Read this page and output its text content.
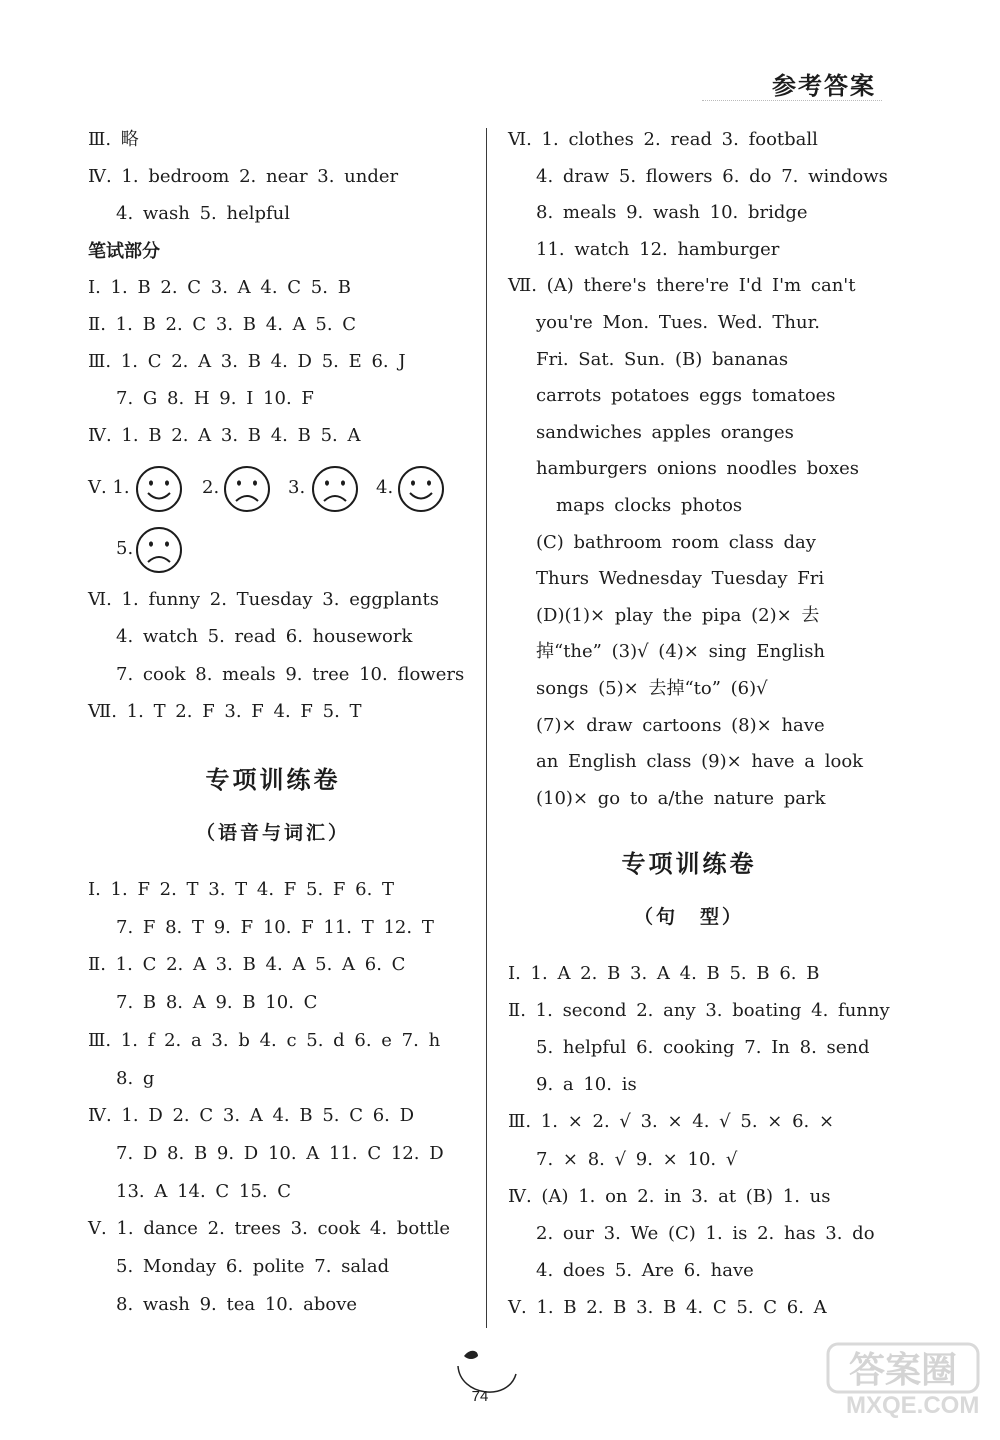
参考答案
Ⅲ. 略
Ⅳ. 1. bedroom 2. near 3. under
4. wash 5. helpful
笔试部分
Ⅰ. 1. B 2. C 3. A 4. C 5. B
Ⅱ. 1. B 2. C 3. B 4. A 5. C
Ⅲ. 1. C 2. A 3. B 4. D 5. E 6. J
7. G 8. H 9. I 10. F
Ⅳ. 1. B 2. A 3. B 4. B 5. A
Ⅴ. 1.	2.	3.	4.
5.
Ⅵ. 1. funny 2. Tuesday 3. eggplants
4. watch 5. read 6. housework
7. cook 8. meals 9. tree 10. flowers
Ⅶ. 1. T 2. F 3. F 4. F 5. T
专项训练卷
（语音与词汇）
Ⅰ. 1. F 2. T 3. T 4. F 5. F 6. T
7. F 8. T 9. F 10. F 11. T 12. T
Ⅱ. 1. C 2. A 3. B 4. A 5. A 6. C
7. B 8. A 9. B 10. C
Ⅲ. 1. f 2. a 3. b 4. c 5. d 6. e 7. h
8. g
Ⅳ. 1. D 2. C 3. A 4. B 5. C 6. D
7. D 8. B 9. D 10. A 11. C 12. D
13. A 14. C 15. C
Ⅴ. 1. dance 2. trees 3. cook 4. bottle
5. Monday 6. polite 7. salad
8. wash 9. tea 10. above
Ⅵ. 1. clothes 2. read 3. football
4. draw 5. flowers 6. do 7. windows
8. meals 9. wash 10. bridge
11. watch 12. hamburger
Ⅶ. (A) there's there're I'd I'm can't
you're Mon. Tues. Wed. Thur.
Fri. Sat. Sun. (B) bananas
carrots potatoes eggs tomatoes
sandwiches apples oranges
hamburgers onions noodles boxes
maps clocks photos
(C) bathroom room class day
Thurs Wednesday Tuesday Fri
(D)(1)× play the pipa (2)× 去
掉“the” (3)√ (4)× sing English
songs (5)× 去掉“to” (6)√
(7)× draw cartoons (8)× have
an English class (9)× have a look
(10)× go to a/the nature park
专项训练卷
（句　型）
Ⅰ. 1. A 2. B 3. A 4. B 5. B 6. B
Ⅱ. 1. second 2. any 3. boating 4. funny
5. helpful 6. cooking 7. In 8. send
9. a 10. is
Ⅲ. 1. × 2. √ 3. × 4. √ 5. × 6. ×
7. × 8. √ 9. × 10. √
Ⅳ. (A) 1. on 2. in 3. at (B) 1. us
2. our 3. We (C) 1. is 2. has 3. do
4. does 5. Are 6. have
Ⅴ. 1. B 2. B 3. B 4. C 5. C 6. A
74
答案圈
MXQE.COM
